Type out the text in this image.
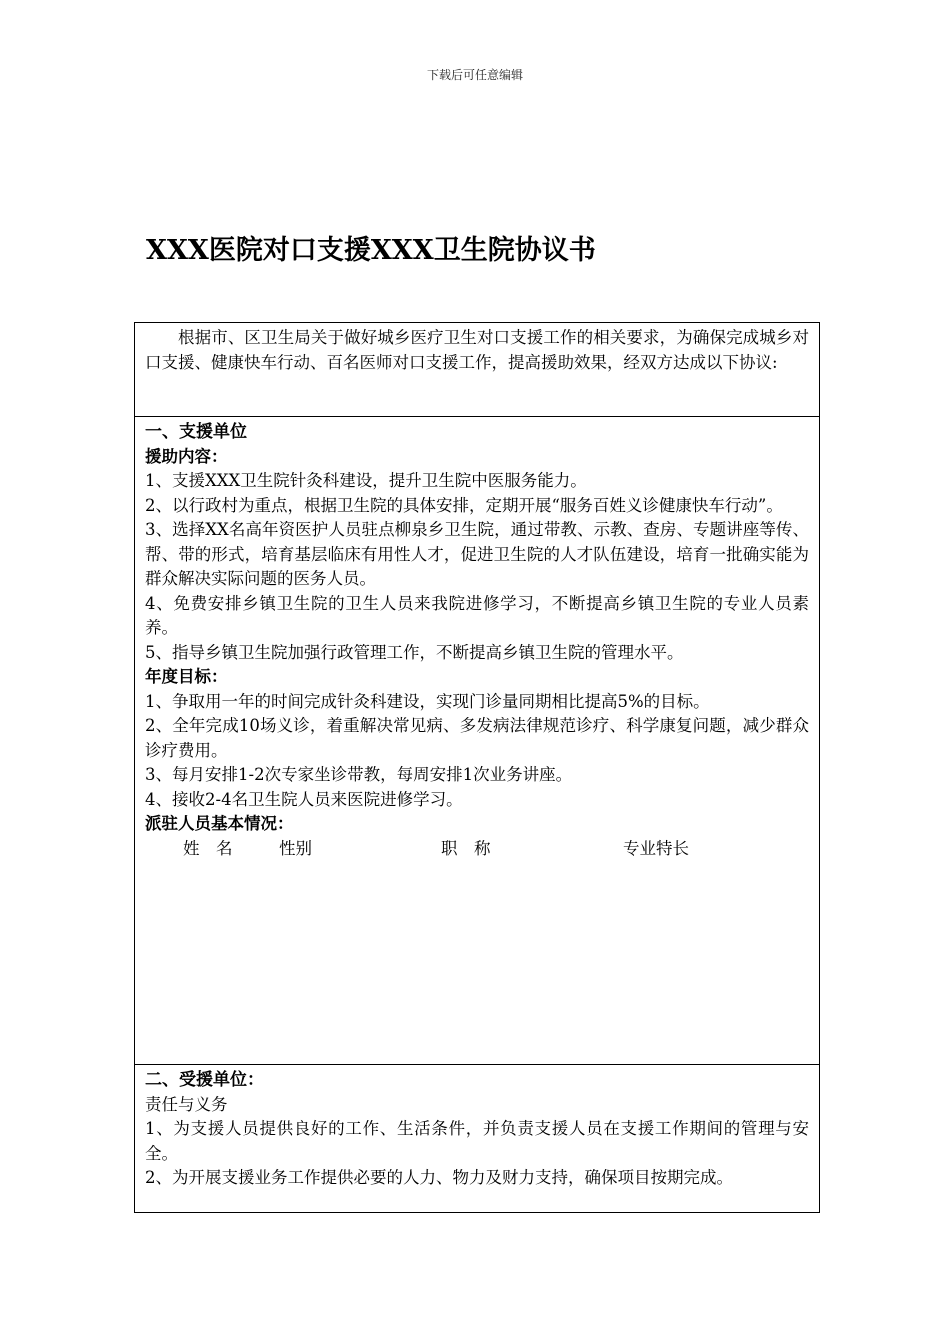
下载后可任意编辑
XXX医院对口支援XXX卫生院协议书

根据市、区卫生局关于做好城乡医疗卫生对口支援工作的相关要求，为确保完成城乡对口支援、健康快车行动、百名医师对口支援工作，提高援助效果，经双方达成以下协议:

一、支援单位

援助内容：

1、支援XXX卫生院针灸科建设，提升卫生院中医服务能力。

2、以行政村为重点，根据卫生院的具体安排，定期开展“服务百姓义诊健康快车行动”。

3、选择XX名高年资医护人员驻点柳泉乡卫生院，通过带教、示教、查房、专题讲座等传、帮、带的形式，培育基层临床有用性人才，促进卫生院的人才队伍建设，培育一批确实能为群众解决实际问题的医务人员。

4、免费安排乡镇卫生院的卫生人员来我院进修学习，不断提高乡镇卫生院的专业人员素养。

5、指导乡镇卫生院加强行政管理工作，不断提高乡镇卫生院的管理水平。

年度目标：

1、争取用一年的时间完成针灸科建设，实现门诊量同期相比提高5%的目标。

2、全年完成10场义诊，着重解决常见病、多发病法律规范诊疗、科学康复问题，减少群众诊疗费用。

3、每月安排1-2次专家坐诊带教，每周安排1次业务讲座。

4、接收2-4名卫生院人员来医院进修学习。

派驻人员基本情况：

姓　名	性别	职　称	专业特长

二、受援单位：

责任与义务

1、为支援人员提供良好的工作、生活条件，并负责支援人员在支援工作期间的管理与安全。

2、为开展支援业务工作提供必要的人力、物力及财力支持，确保项目按期完成。
